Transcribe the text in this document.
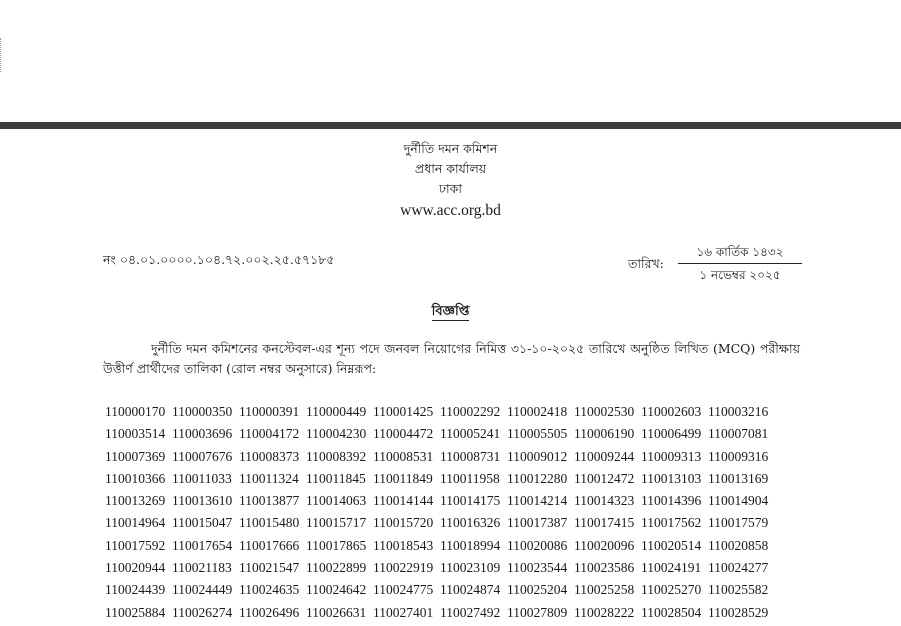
দুর্নীতি দমন কমিশন
প্রধান কার্যালয়
ঢাকা
www.acc.org.bd
নং ০৪.০১.০০০০.১০৪.৭২.০০২.২৫.৫৭১৮৫	তারিখ:
১৬ কার্তিক ১৪৩২
১ নভেম্বর ২০২৫
বিজ্ঞপ্তি
দুর্নীতি দমন কমিশনের কনস্টেবল-এর শূন্য পদে জনবল নিয়োগের নিমিত্ত ৩১-১০-২০২৫ তারিখে অনুষ্ঠিত লিখিত (MCQ) পরীক্ষায় উত্তীর্ণ প্রার্থীদের তালিকা (রোল নম্বর অনুসারে) নিম্নরূপ:
110000170 110000350 110000391 110000449 110001425 110002292 110002418 110002530 110002603 110003216
110003514 110003696 110004172 110004230 110004472 110005241 110005505 110006190 110006499 110007081
110007369 110007676 110008373 110008392 110008531 110008731 110009012 110009244 110009313 110009316
110010366 110011033 110011324 110011845 110011849 110011958 110012280 110012472 110013103 110013169
110013269 110013610 110013877 110014063 110014144 110014175 110014214 110014323 110014396 110014904
110014964 110015047 110015480 110015717 110015720 110016326 110017387 110017415 110017562 110017579
110017592 110017654 110017666 110017865 110018543 110018994 110020086 110020096 110020514 110020858
110020944 110021183 110021547 110022899 110022919 110023109 110023544 110023586 110024191 110024277
110024439 110024449 110024635 110024642 110024775 110024874 110025204 110025258 110025270 110025582
110025884 110026274 110026496 110026631 110027401 110027492 110027809 110028222 110028504 110028529
